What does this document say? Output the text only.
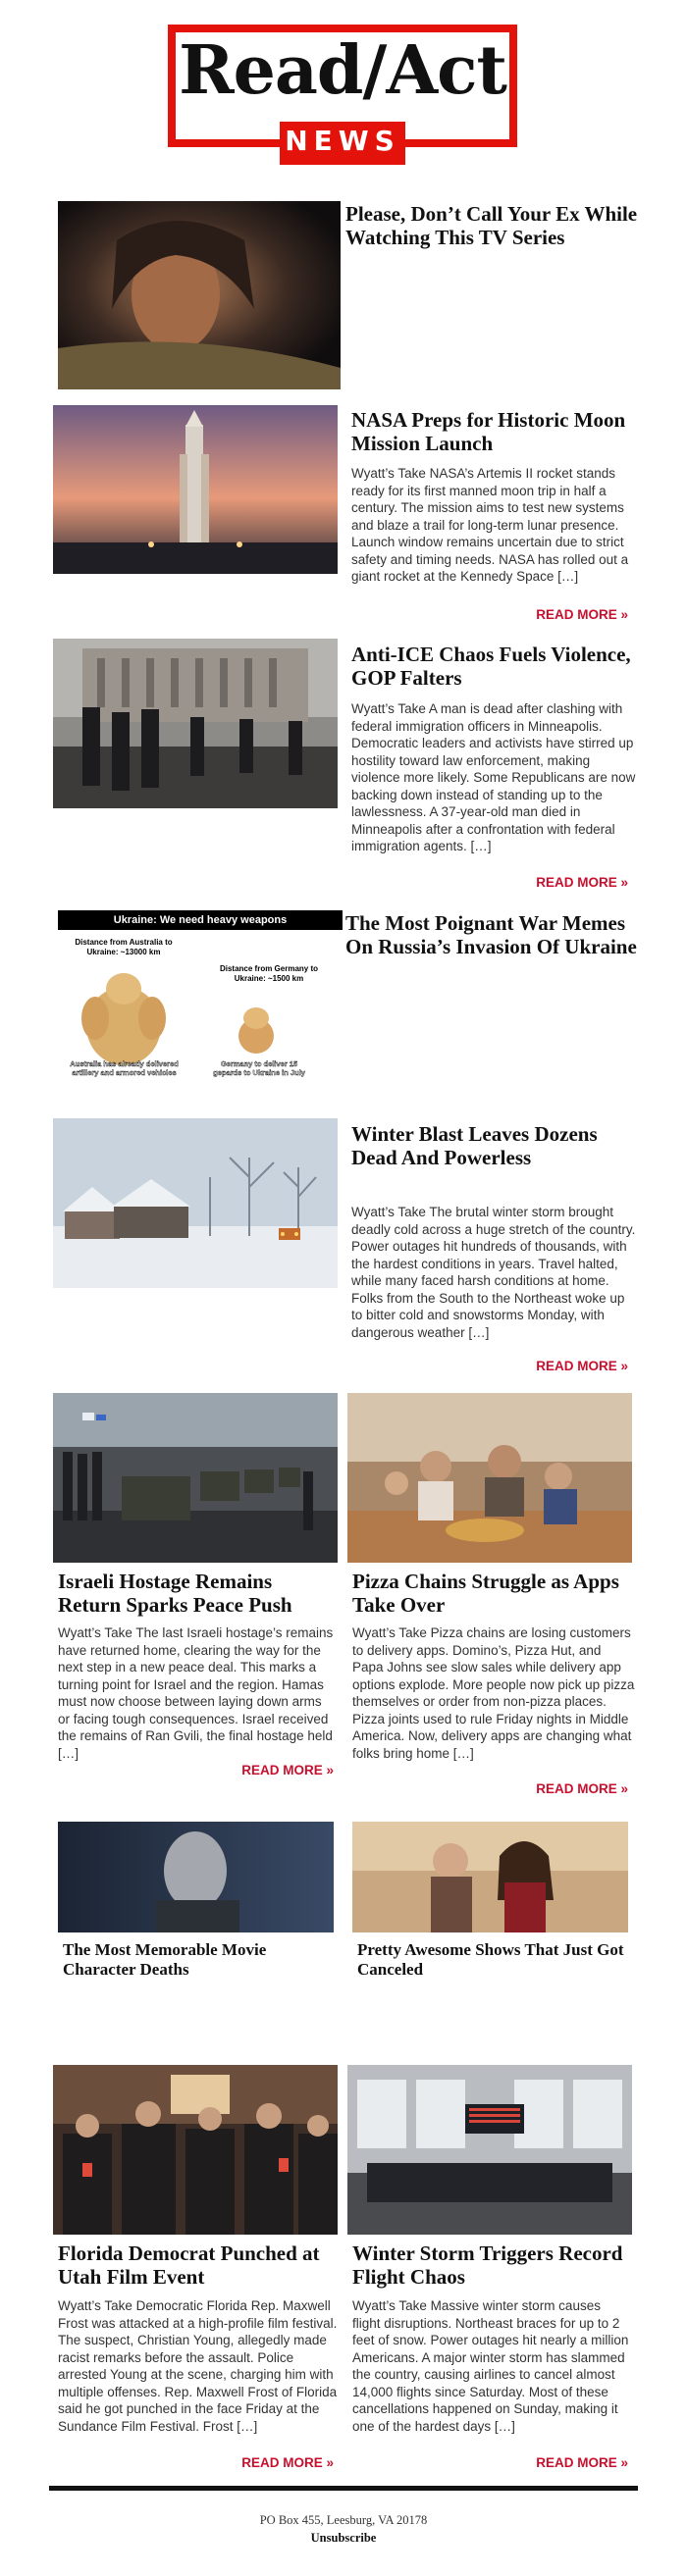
Read/Act
NEWS
Please, Don’t Call Your Ex While Watching This TV Series
NASA Preps for Historic Moon Mission Launch
Wyatt’s Take NASA’s Artemis II rocket stands ready for its first manned moon trip in half a century. The mission aims to test new systems and blaze a trail for long-term lunar presence. Launch window remains uncertain due to strict safety and timing needs. NASA has rolled out a giant rocket at the Kennedy Space […]
READ MORE »
Anti-ICE Chaos Fuels Violence, GOP Falters
Wyatt’s Take A man is dead after clashing with federal immigration officers in Minneapolis. Democratic leaders and activists have stirred up hostility toward law enforcement, making violence more likely. Some Republicans are now backing down instead of standing up to the lawlessness. A 37-year-old man died in Minneapolis after a confrontation with federal immigration agents. […]
READ MORE »
Ukraine: We need heavy weapons
Distance from Australia to Ukraine: ~13000 km
Distance from Germany to Ukraine: ~1500 km
Australia has already delivered artillery and armored vehicles
Germany to deliver 15 gepards to Ukraine in July
The Most Poignant War Memes On Russia’s Invasion Of Ukraine
Winter Blast Leaves Dozens Dead And Powerless
Wyatt’s Take The brutal winter storm brought deadly cold across a huge stretch of the country. Power outages hit hundreds of thousands, with the hardest conditions in years. Travel halted, while many faced harsh conditions at home. Folks from the South to the Northeast woke up to bitter cold and snowstorms Monday, with dangerous weather […]
READ MORE »
Israeli Hostage Remains Return Sparks Peace Push
Wyatt’s Take The last Israeli hostage’s remains have returned home, clearing the way for the next step in a new peace deal. This marks a turning point for Israel and the region. Hamas must now choose between laying down arms or facing tough consequences. Israel received the remains of Ran Gvili, the final hostage held […]
READ MORE »
Pizza Chains Struggle as Apps Take Over
Wyatt’s Take Pizza chains are losing customers to delivery apps. Domino’s, Pizza Hut, and Papa Johns see slow sales while delivery app options explode. More people now pick up pizza themselves or order from non-pizza places. Pizza joints used to rule Friday nights in Middle America. Now, delivery apps are changing what folks bring home […]
READ MORE »
The Most Memorable Movie Character Deaths
Pretty Awesome Shows That Just Got Canceled
Florida Democrat Punched at Utah Film Event
Wyatt’s Take Democratic Florida Rep. Maxwell Frost was attacked at a high-profile film festival. The suspect, Christian Young, allegedly made racist remarks before the assault. Police arrested Young at the scene, charging him with multiple offenses. Rep. Maxwell Frost of Florida said he got punched in the face Friday at the Sundance Film Festival. Frost […]
READ MORE »
Winter Storm Triggers Record Flight Chaos
Wyatt’s Take Massive winter storm causes flight disruptions. Northeast braces for up to 2 feet of snow. Power outages hit nearly a million Americans. A major winter storm has slammed the country, causing airlines to cancel almost 14,000 flights since Saturday. Most of these cancellations happened on Sunday, making it one of the hardest days […]
READ MORE »
PO Box 455, Leesburg, VA 20178
Unsubscribe
